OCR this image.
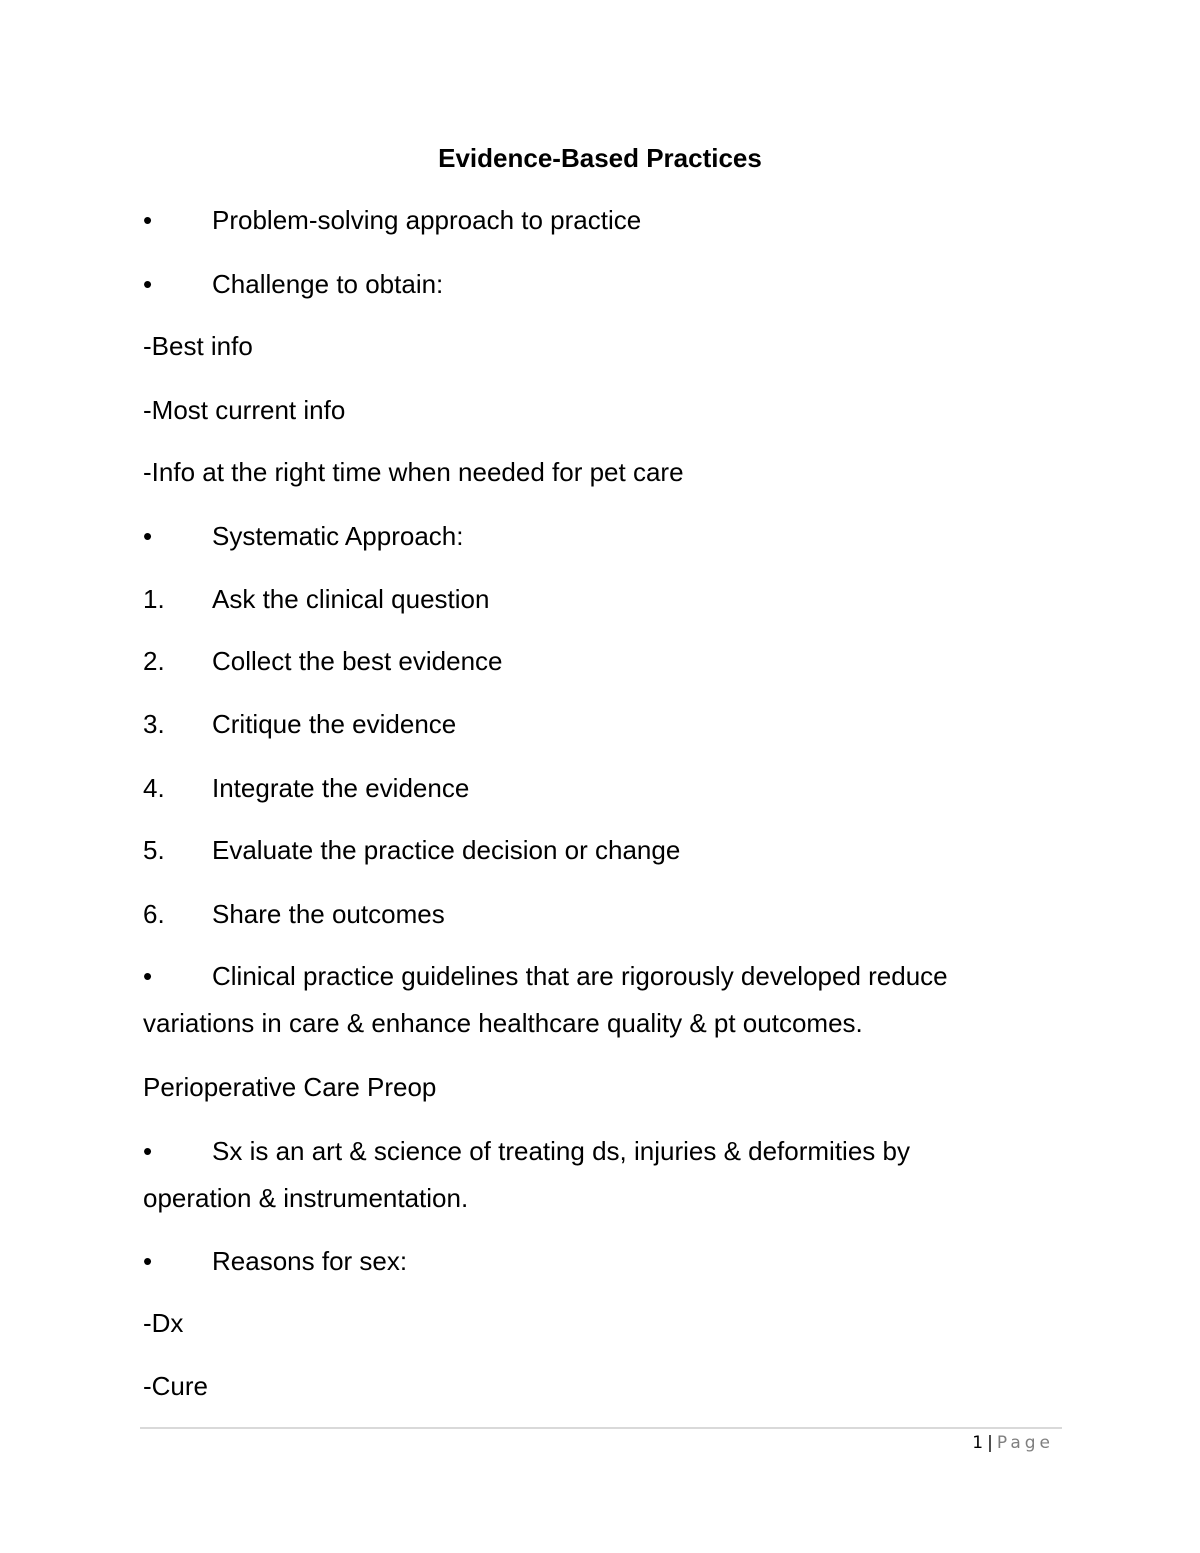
Evidence-Based Practices
• Problem-solving approach to practice
• Challenge to obtain:
-Best info
-Most current info
-Info at the right time when needed for pet care
• Systematic Approach:
1. Ask the clinical question
2. Collect the best evidence
3. Critique the evidence
4. Integrate the evidence
5. Evaluate the practice decision or change
6. Share the outcomes
• Clinical practice guidelines that are rigorously developed reduce variations in care & enhance healthcare quality & pt outcomes.
Perioperative Care Preop
• Sx is an art & science of treating ds, injuries & deformities by operation & instrumentation.
• Reasons for sex:
-Dx
-Cure
1 | Page
